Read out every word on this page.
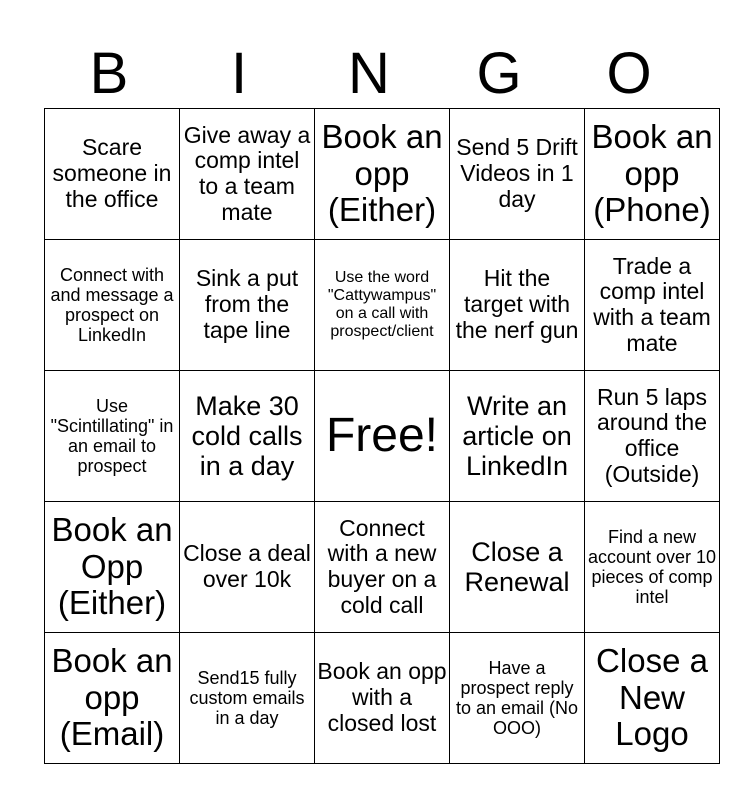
B	I	N	G	O
Scare someone in the office	Give away a comp intel to a team mate	Book an opp (Either)	Send 5 Drift Videos in 1 day	Book an opp (Phone)
Connect with and message a prospect on LinkedIn	Sink a put from the tape line	Use the word "Cattywampus" on a call with prospect/client	Hit the target with the nerf gun	Trade a comp intel with a team mate
Use "Scintillating" in an email to prospect	Make 30 cold calls in a day	Free!	Write an article on LinkedIn	Run 5 laps around the office (Outside)
Book an Opp (Either)	Close a deal over 10k	Connect with a new buyer on a cold call	Close a Renewal	Find a new account over 10 pieces of comp intel
Book an opp (Email)	Send15 fully custom emails in a day	Book an opp with a closed lost	Have a prospect reply to an email (No OOO)	Close a New Logo
